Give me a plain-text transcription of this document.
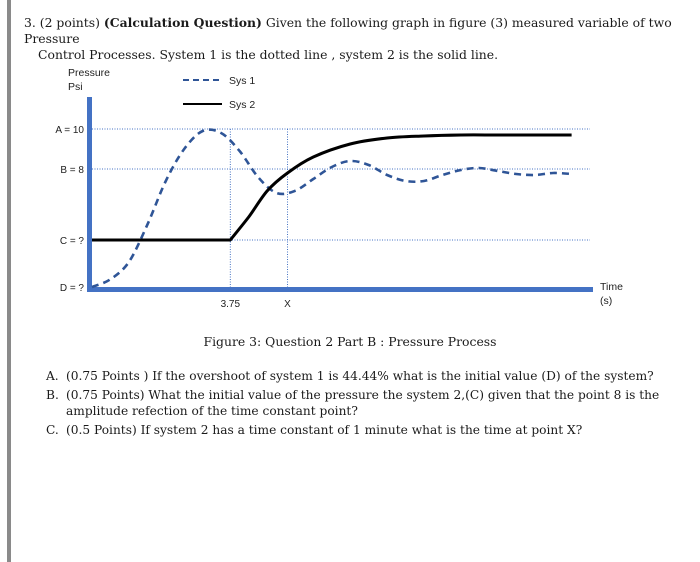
3. (2 points) (Calculation Question) Given the following graph in figure (3) measured variable of two Pressure
Control Processes. System 1 is the dotted line , system 2 is the solid line.
Pressure
Psi
Time
(s)
A = 10
B = 8
C = ?
D = ?
3.75	X
Sys 1
Sys 2
Figure 3: Question 2 Part B : Pressure Process
A. (0.75 Points ) If the overshoot of system 1 is 44.44% what is the initial value (D) of the system?
B. (0.75 Points) What the initial value of the pressure the system 2,(C) given that the point 8 is the amplitude refection of the time constant point?
C. (0.5 Points) If system 2 has a time constant of 1 minute what is the time at point X?
